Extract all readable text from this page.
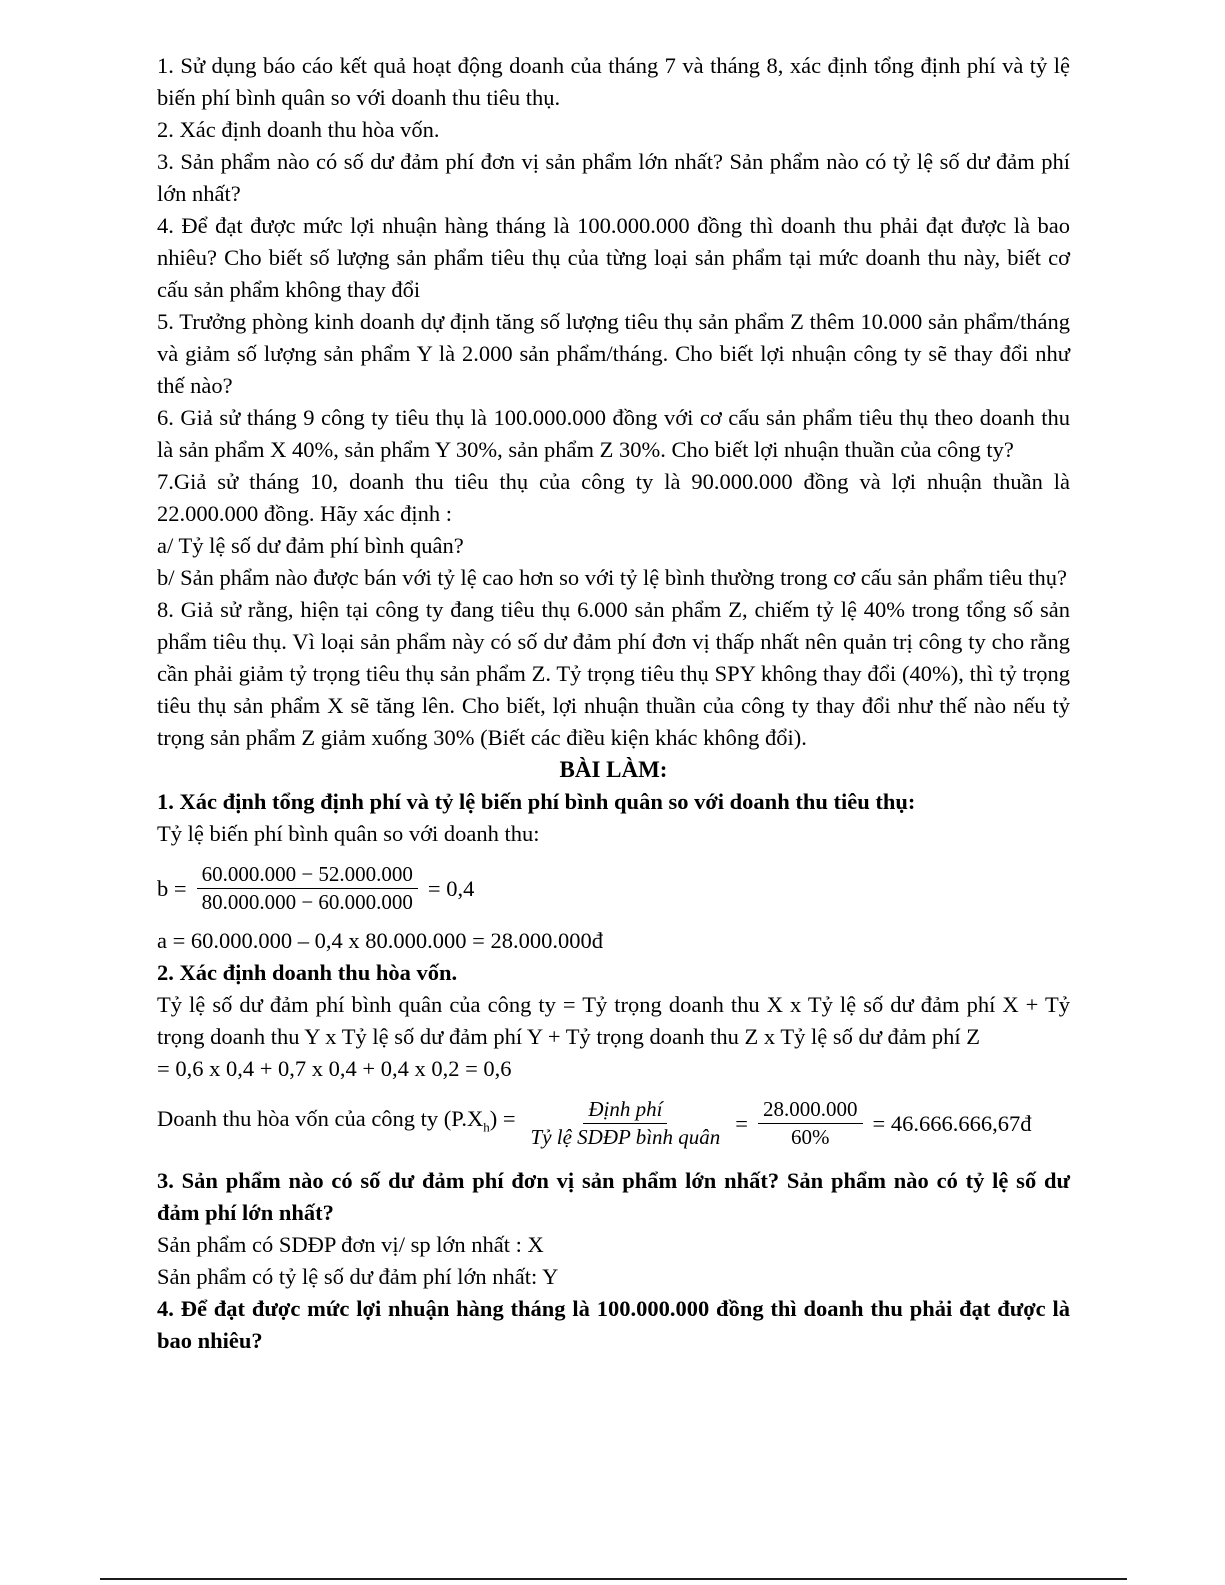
1. Sử dụng báo cáo kết quả hoạt động doanh của tháng 7 và tháng 8, xác định tổng định phí và tỷ lệ biến phí bình quân so với doanh thu tiêu thụ.

2. Xác định doanh thu hòa vốn.

3. Sản phẩm nào có số dư đảm phí đơn vị sản phẩm lớn nhất? Sản phẩm nào có tỷ lệ số dư đảm phí lớn nhất?

4. Để đạt được mức lợi nhuận hàng tháng là 100.000.000 đồng thì doanh thu phải đạt được là bao nhiêu? Cho biết số lượng sản phẩm tiêu thụ của từng loại sản phẩm tại mức doanh thu này, biết cơ cấu sản phẩm không thay đổi

5. Trưởng phòng kinh doanh dự định tăng số lượng tiêu thụ sản phẩm Z thêm 10.000 sản phẩm/tháng và giảm số lượng sản phẩm Y là 2.000 sản phẩm/tháng. Cho biết lợi nhuận công ty sẽ thay đổi như thế nào?

6. Giả sử tháng 9 công ty tiêu thụ là 100.000.000 đồng với cơ cấu sản phẩm tiêu thụ theo doanh thu là sản phẩm X 40%, sản phẩm Y 30%, sản phẩm Z 30%. Cho biết lợi nhuận thuần của công ty?

7.Giả sử tháng 10, doanh thu tiêu thụ của công ty là 90.000.000 đồng và lợi nhuận thuần là 22.000.000 đồng. Hãy xác định :

a/ Tỷ lệ số dư đảm phí bình quân?

b/ Sản phẩm nào được bán với tỷ lệ cao hơn so với tỷ lệ bình thường trong cơ cấu sản phẩm tiêu thụ?

8. Giả sử rằng, hiện tại công ty đang tiêu thụ 6.000 sản phẩm Z, chiếm tỷ lệ 40% trong tổng số sản phẩm tiêu thụ. Vì loại sản phẩm này có số dư đảm phí đơn vị thấp nhất nên quản trị công ty cho rằng cần phải giảm tỷ trọng tiêu thụ sản phẩm Z. Tỷ trọng tiêu thụ SPY không thay đổi (40%), thì tỷ trọng tiêu thụ sản phẩm X sẽ tăng lên. Cho biết, lợi nhuận thuần của công ty thay đổi như thế nào nếu tỷ trọng sản phẩm Z giảm xuống 30% (Biết các điều kiện khác không đổi).

BÀI LÀM:

1. Xác định tổng định phí và tỷ lệ biến phí bình quân so với doanh thu tiêu thụ:

Tỷ lệ biến phí bình quân so với doanh thu:

$b = \frac{60.000.000 - 52.000.000}{80.000.000 - 60.000.000} = 0,4$

a = 60.000.000 – 0,4 x 80.000.000 = 28.000.000đ

2. Xác định doanh thu hòa vốn.

Tỷ lệ số dư đảm phí bình quân của công ty = Tỷ trọng doanh thu X x Tỷ lệ số dư đảm phí X + Tỷ trọng doanh thu Y x Tỷ lệ số dư đảm phí Y + Tỷ trọng doanh thu Z x Tỷ lệ số dư đảm phí Z

= 0,6 x 0,4 + 0,7 x 0,4 + 0,4 x 0,2 = 0,6

Doanh thu hòa vốn của công ty $(P.X_h) = \frac{\text{Định phí}}{\text{Tỷ lệ SDĐP bình quân}} = \frac{28.000.000}{60\%}$ = 46.666.666,67đ

3. Sản phẩm nào có số dư đảm phí đơn vị sản phẩm lớn nhất? Sản phẩm nào có tỷ lệ số dư đảm phí lớn nhất?

Sản phẩm có SDĐP đơn vị/ sp lớn nhất : X

Sản phẩm có tỷ lệ số dư đảm phí lớn nhất: Y

4. Để đạt được mức lợi nhuận hàng tháng là 100.000.000 đồng thì doanh thu phải đạt được là bao nhiêu?
